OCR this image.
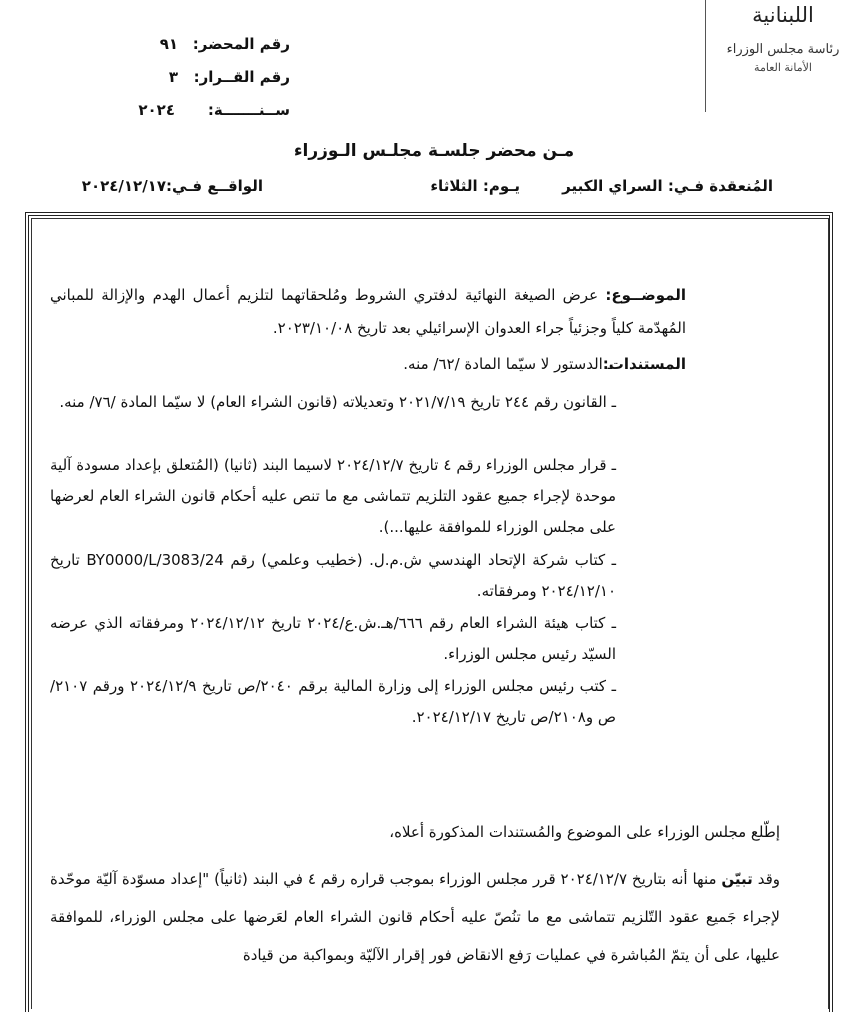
اللبنانية
رئاسة مجلس الوزراء
الأمانة العامة
رقم المحضر:
٩١
رقم القــرار:
٣
ســنـــــــة:
٢٠٢٤
مـن محضر جلسـة مجلـس الـوزراء
المُنعقدة فـي: السراي الكبير
يـوم: الثلاثاء
الواقــع فـي:
٢٠٢٤/١٢/١٧
الموضــوع: عرض الصيغة النهائية لدفتري الشروط ومُلحقاتهما لتلزيم أعمال الهدم والإزالة للمباني المُهدّمة كلياً وجزئياً جراء العدوان الإسرائيلي بعد تاريخ ٢٠٢٣/١٠/٠٨.
المستندات:
ـ الدستور لا سيّما المادة /٦٢/ منه.
ـ القانون رقم ٢٤٤ تاريخ ٢٠٢١/٧/١٩ وتعديلاته (قانون الشراء العام) لا سيّما المادة /٧٦/ منه.
ـ قرار مجلس الوزراء رقم ٤ تاريخ ٢٠٢٤/١٢/٧ لاسيما البند (ثانيا) (المُتعلق بإعداد مسودة آلية موحدة لإجراء جميع عقود التلزيم تتماشى مع ما تنص عليه أحكام قانون الشراء العام لعرضها على مجلس الوزراء للموافقة عليها...).
ـ كتاب شركة الإتحاد الهندسي ش.م.ل. (خطيب وعلمي) رقم BY0000/L/3083/24 تاريخ ٢٠٢٤/١٢/١٠ ومرفقاته.
ـ كتاب هيئة الشراء العام رقم ٦٦٦/هـ.ش.ع/٢٠٢٤ تاريخ ٢٠٢٤/١٢/١٢ ومرفقاته الذي عرضه السيّد رئيس مجلس الوزراء.
ـ كتب رئيس مجلس الوزراء إلى وزارة المالية برقم ٢٠٤٠/ص تاريخ ٢٠٢٤/١٢/٩ ورقم ٢١٠٧/ ص و٢١٠٨/ص تاريخ ٢٠٢٤/١٢/١٧.
إطّلع مجلس الوزراء على الموضوع والمُستندات المذكورة أعلاه،
وقد تبيّن منها أنه بتاريخ ٢٠٢٤/١٢/٧ قرر مجلس الوزراء بموجب قراره رقم ٤ في البند (ثانياً) "إعداد مسوّدة آليّة موحّدة لإجراء جَميع عقود التّلزيم تتماشى مع ما تنُصّ عليه أحكام قانون الشراء العام لعَرضها على مجلس الوزراء، للموافقة عليها، على أن يتمّ المُباشرة في عمليات رَفع الانقاض فور إقرار الآليّة وبمواكبة من قيادة
